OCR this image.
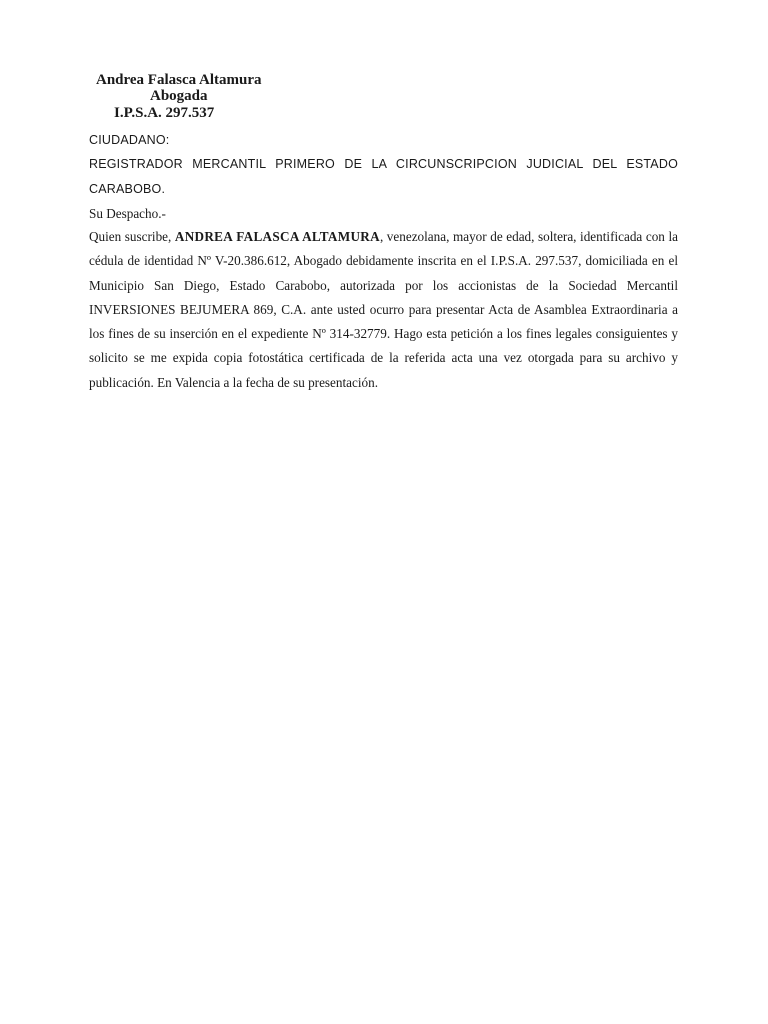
Andrea Falasca Altamura
Abogada
I.P.S.A. 297.537
CIUDADANO:
REGISTRADOR MERCANTIL PRIMERO DE LA CIRCUNSCRIPCION JUDICIAL DEL ESTADO CARABOBO.
Su Despacho.-
Quien suscribe, ANDREA FALASCA ALTAMURA, venezolana, mayor de edad, soltera, identificada con la cédula de identidad Nº V-20.386.612, Abogado debidamente inscrita en el I.P.S.A. 297.537, domiciliada en el Municipio San Diego, Estado Carabobo, autorizada por los accionistas de la Sociedad Mercantil INVERSIONES BEJUMERA 869, C.A. ante usted ocurro para presentar Acta de Asamblea Extraordinaria a los fines de su inserción en el expediente Nº 314-32779. Hago esta petición a los fines legales consiguientes y solicito se me expida copia fotostática certificada de la referida acta una vez otorgada para su archivo y publicación. En Valencia a la fecha de su presentación.
